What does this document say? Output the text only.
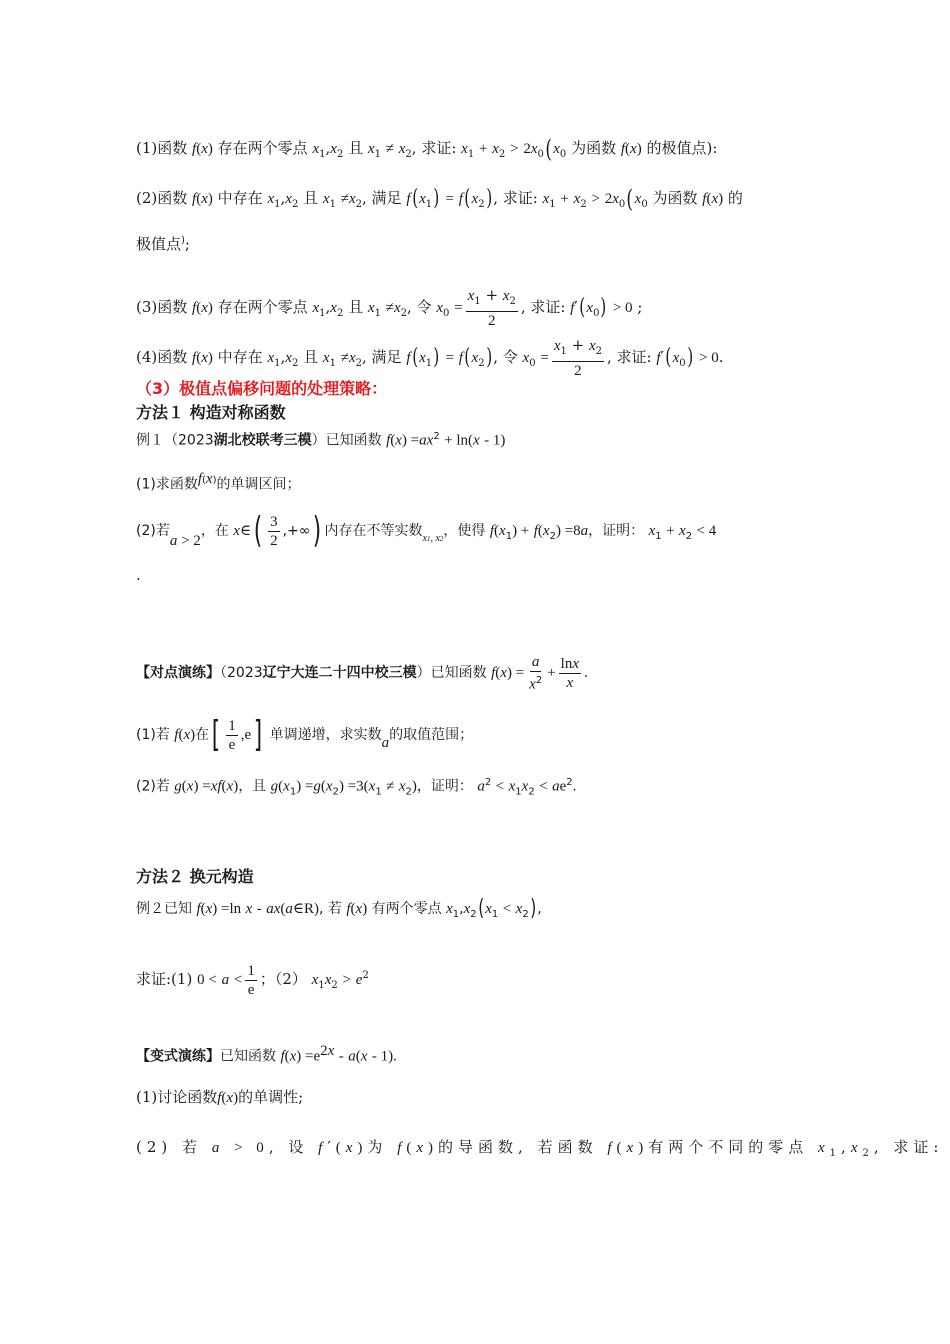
(1)函数 f(x) 存在两个零点 $x_1,x_2$ 且 $x_1 \ne x_2$, 求证: $x_1 + x_2 > 2x_0(x_0$ 为函数 f(x) 的极值点):
(2)函数 f(x) 中存在 $x_1,x_2$ 且 $x_1 \ne x_2$, 满足 $f(x_1) = f(x_2)$, 求证: $x_1 + x_2 > 2x_0(x_0$ 为函数 f(x) 的
极值点);
(3)函数 f(x) 存在两个零点 $x_1,x_2$ 且 $x_1 \ne x_2$, 令 $x_0 = \frac{x_1 + x_2}{2}$ , 求证: $f'(x_0) > 0$ ;
(4)函数 f(x) 中存在 $x_1,x_2$ 且 $x_1 \ne x_2$, 满足 $f(x_1) = f(x_2)$, 令 $x_0 = \frac{x_1 + x_2}{2}$ , 求证: $f'(x_0) > 0$.
（3）极值点偏移问题的处理策略：
方法１ 构造对称函数
例１（2023湖北校联考三模）已知函数 $f(x) =ax^2 + \ln(x - 1)$
(1)求函数$^{f(x)}$的单调区间；
(2)若a > 2，在 x∈( $\frac{3}{2}$ ,+∞) 内存在不等实数$_{x1, x2}$，使得 $f(x_1) + f(x_2) =8a$，证明： $x_1 + x_2 < 4$
.
【对点演练】（2023辽宁大连二十四中校三模）已知函数 $f(x) = \frac{a}{x^2} + \frac{\ln x}{x}$ .
(1)若 f(x)在[ $\frac{1}{e} ,e$] 单调递增，求实数a的取值范围；
(2)若 g(x) =xf(x)，且 $g(x_1) =g(x_2) =3(x_1 \ne x_2)$，证明： $a^2 < x_1x_2 < ae^2$.
方法２ 换元构造
例２已知 f(x) =ln x - ax(a∈R), 若 f(x) 有两个零点 $x_1,x_2(x_1 < x_2)$,
求证:(1) $0 < a < \frac{1}{e}$ ；（2） $x_1x_2 > e^2$
【变式演练】已知函数 $f(x) =e^{2x} - a(x - 1)$.
(1)讨论函数f(x)的单调性;
(2) 若 a > 0, 设 f′(x)为 f(x)的导函数, 若函数 f(x)有两个不同的零点 $x_1,x_2$, 求证:
